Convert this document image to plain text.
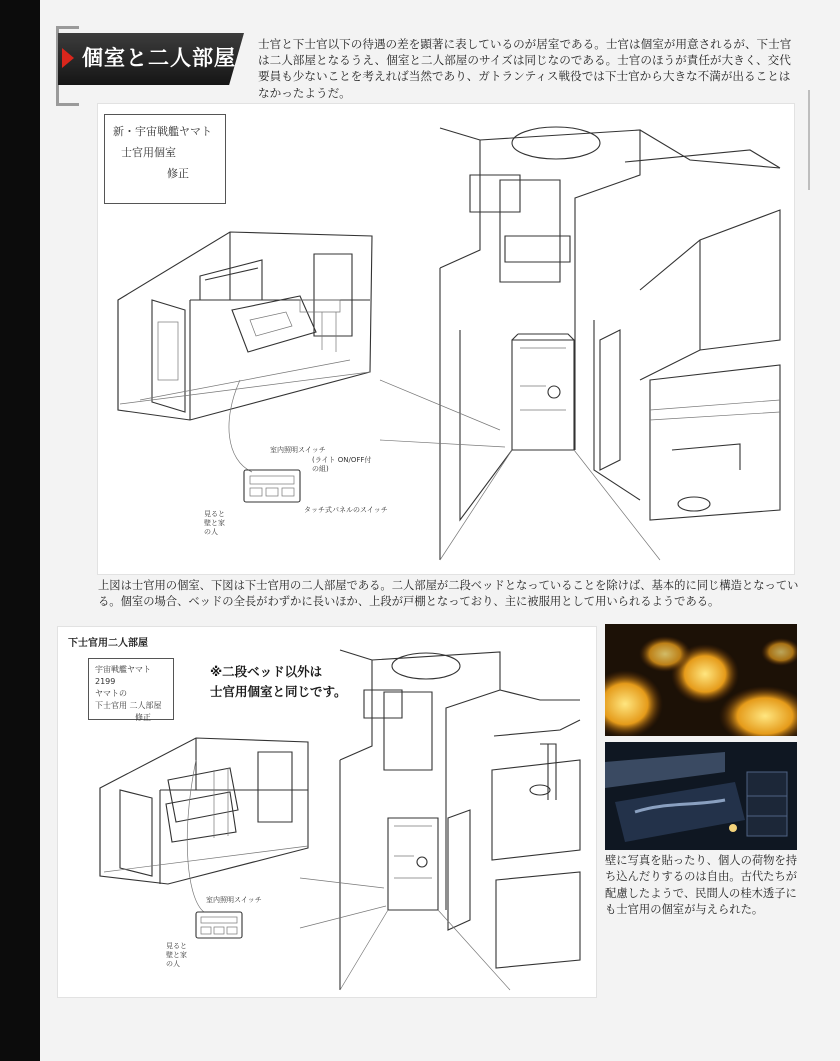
個室と二人部屋
士官と下士官以下の待遇の差を顕著に表しているのが居室である。士官は個室が用意されるが、下士官は二人部屋となるうえ、個室と二人部屋のサイズは同じなのである。士官のほうが責任が大きく、交代要員も少ないことを考えれば当然であり、ガトランティス戦役では下士官から大きな不満が出ることはなかったようだ。
新・宇宙戦艦ヤマト
士官用個室
修正
室内照明スイッチ
(ライト ON/OFF付の組)
見ると壁と家の人
タッチ式パネルのスイッチ
上図は士官用の個室、下図は下士官用の二人部屋である。二人部屋が二段ベッドとなっていることを除けば、基本的に同じ構造となっている。個室の場合、ベッドの全長がわずかに長いほか、上段が戸棚となっており、主に被服用として用いられるようである。
下士官用二人部屋
宇宙戦艦ヤマト2199
ヤマトの
下士官用 二人部屋
修正
※二段ベッド以外は
士官用個室と同じです。
室内照明スイッチ
見ると壁と家の人
壁に写真を貼ったり、個人の荷物を持ち込んだりするのは自由。古代たちが配慮したようで、民間人の桂木透子にも士官用の個室が与えられた。
